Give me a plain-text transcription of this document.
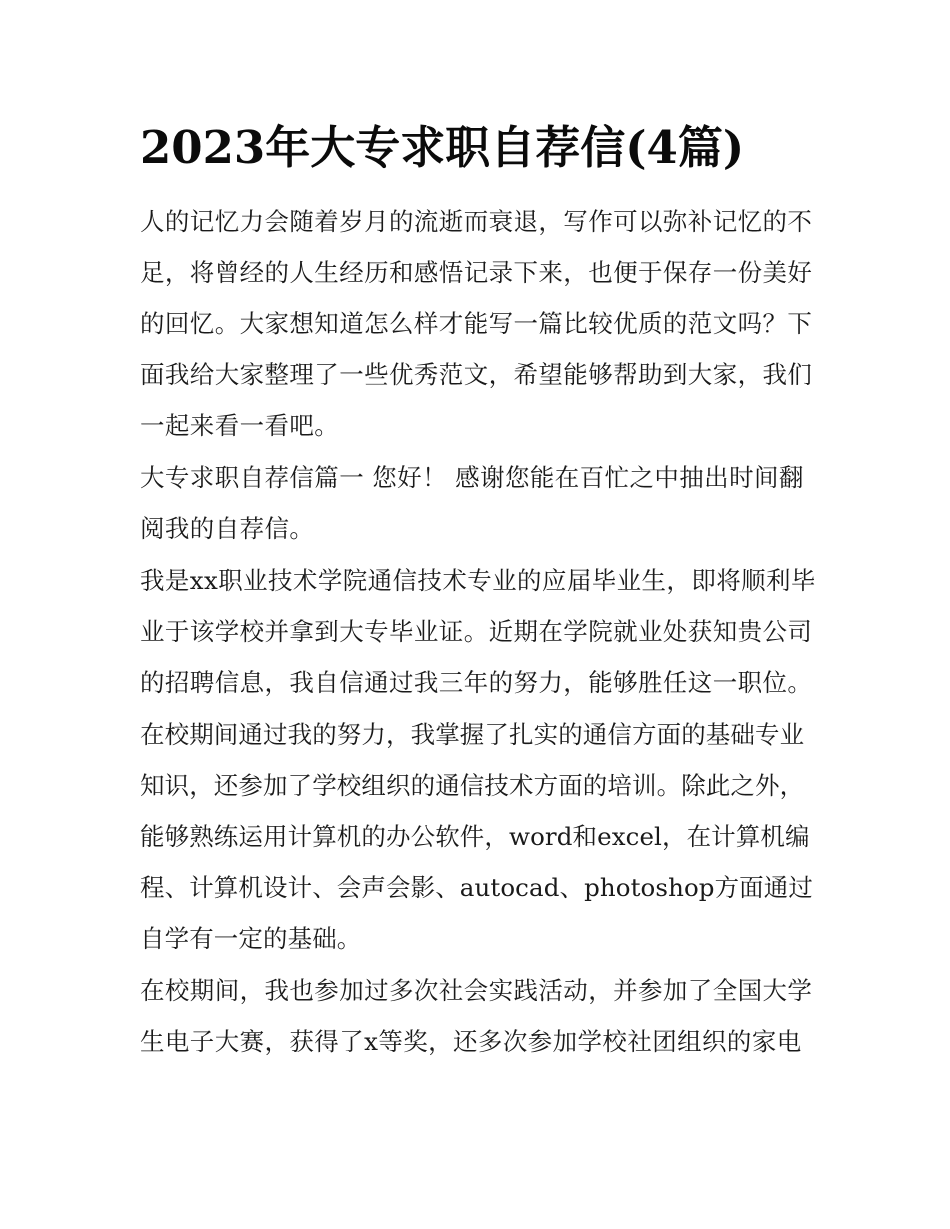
2023年大专求职自荐信(4篇)

人的记忆力会随着岁月的流逝而衰退，写作可以弥补记忆的不足，将曾经的人生经历和感悟记录下来，也便于保存一份美好的回忆。大家想知道怎么样才能写一篇比较优质的范文吗？下面我给大家整理了一些优秀范文，希望能够帮助到大家，我们一起来看一看吧。

大专求职自荐信篇一 您好！ 感谢您能在百忙之中抽出时间翻阅我的自荐信。

我是xx职业技术学院通信技术专业的应届毕业生，即将顺利毕业于该学校并拿到大专毕业证。近期在学院就业处获知贵公司的招聘信息，我自信通过我三年的努力，能够胜任这一职位。

在校期间通过我的努力，我掌握了扎实的通信方面的基础专业知识，还参加了学校组织的通信技术方面的培训。除此之外，能够熟练运用计算机的办公软件，word和excel，在计算机编程、计算机设计、会声会影、autocad、photoshop方面通过自学有一定的基础。

在校期间，我也参加过多次社会实践活动，并参加了全国大学生电子大赛，获得了x等奖，还多次参加学校社团组织的家电
